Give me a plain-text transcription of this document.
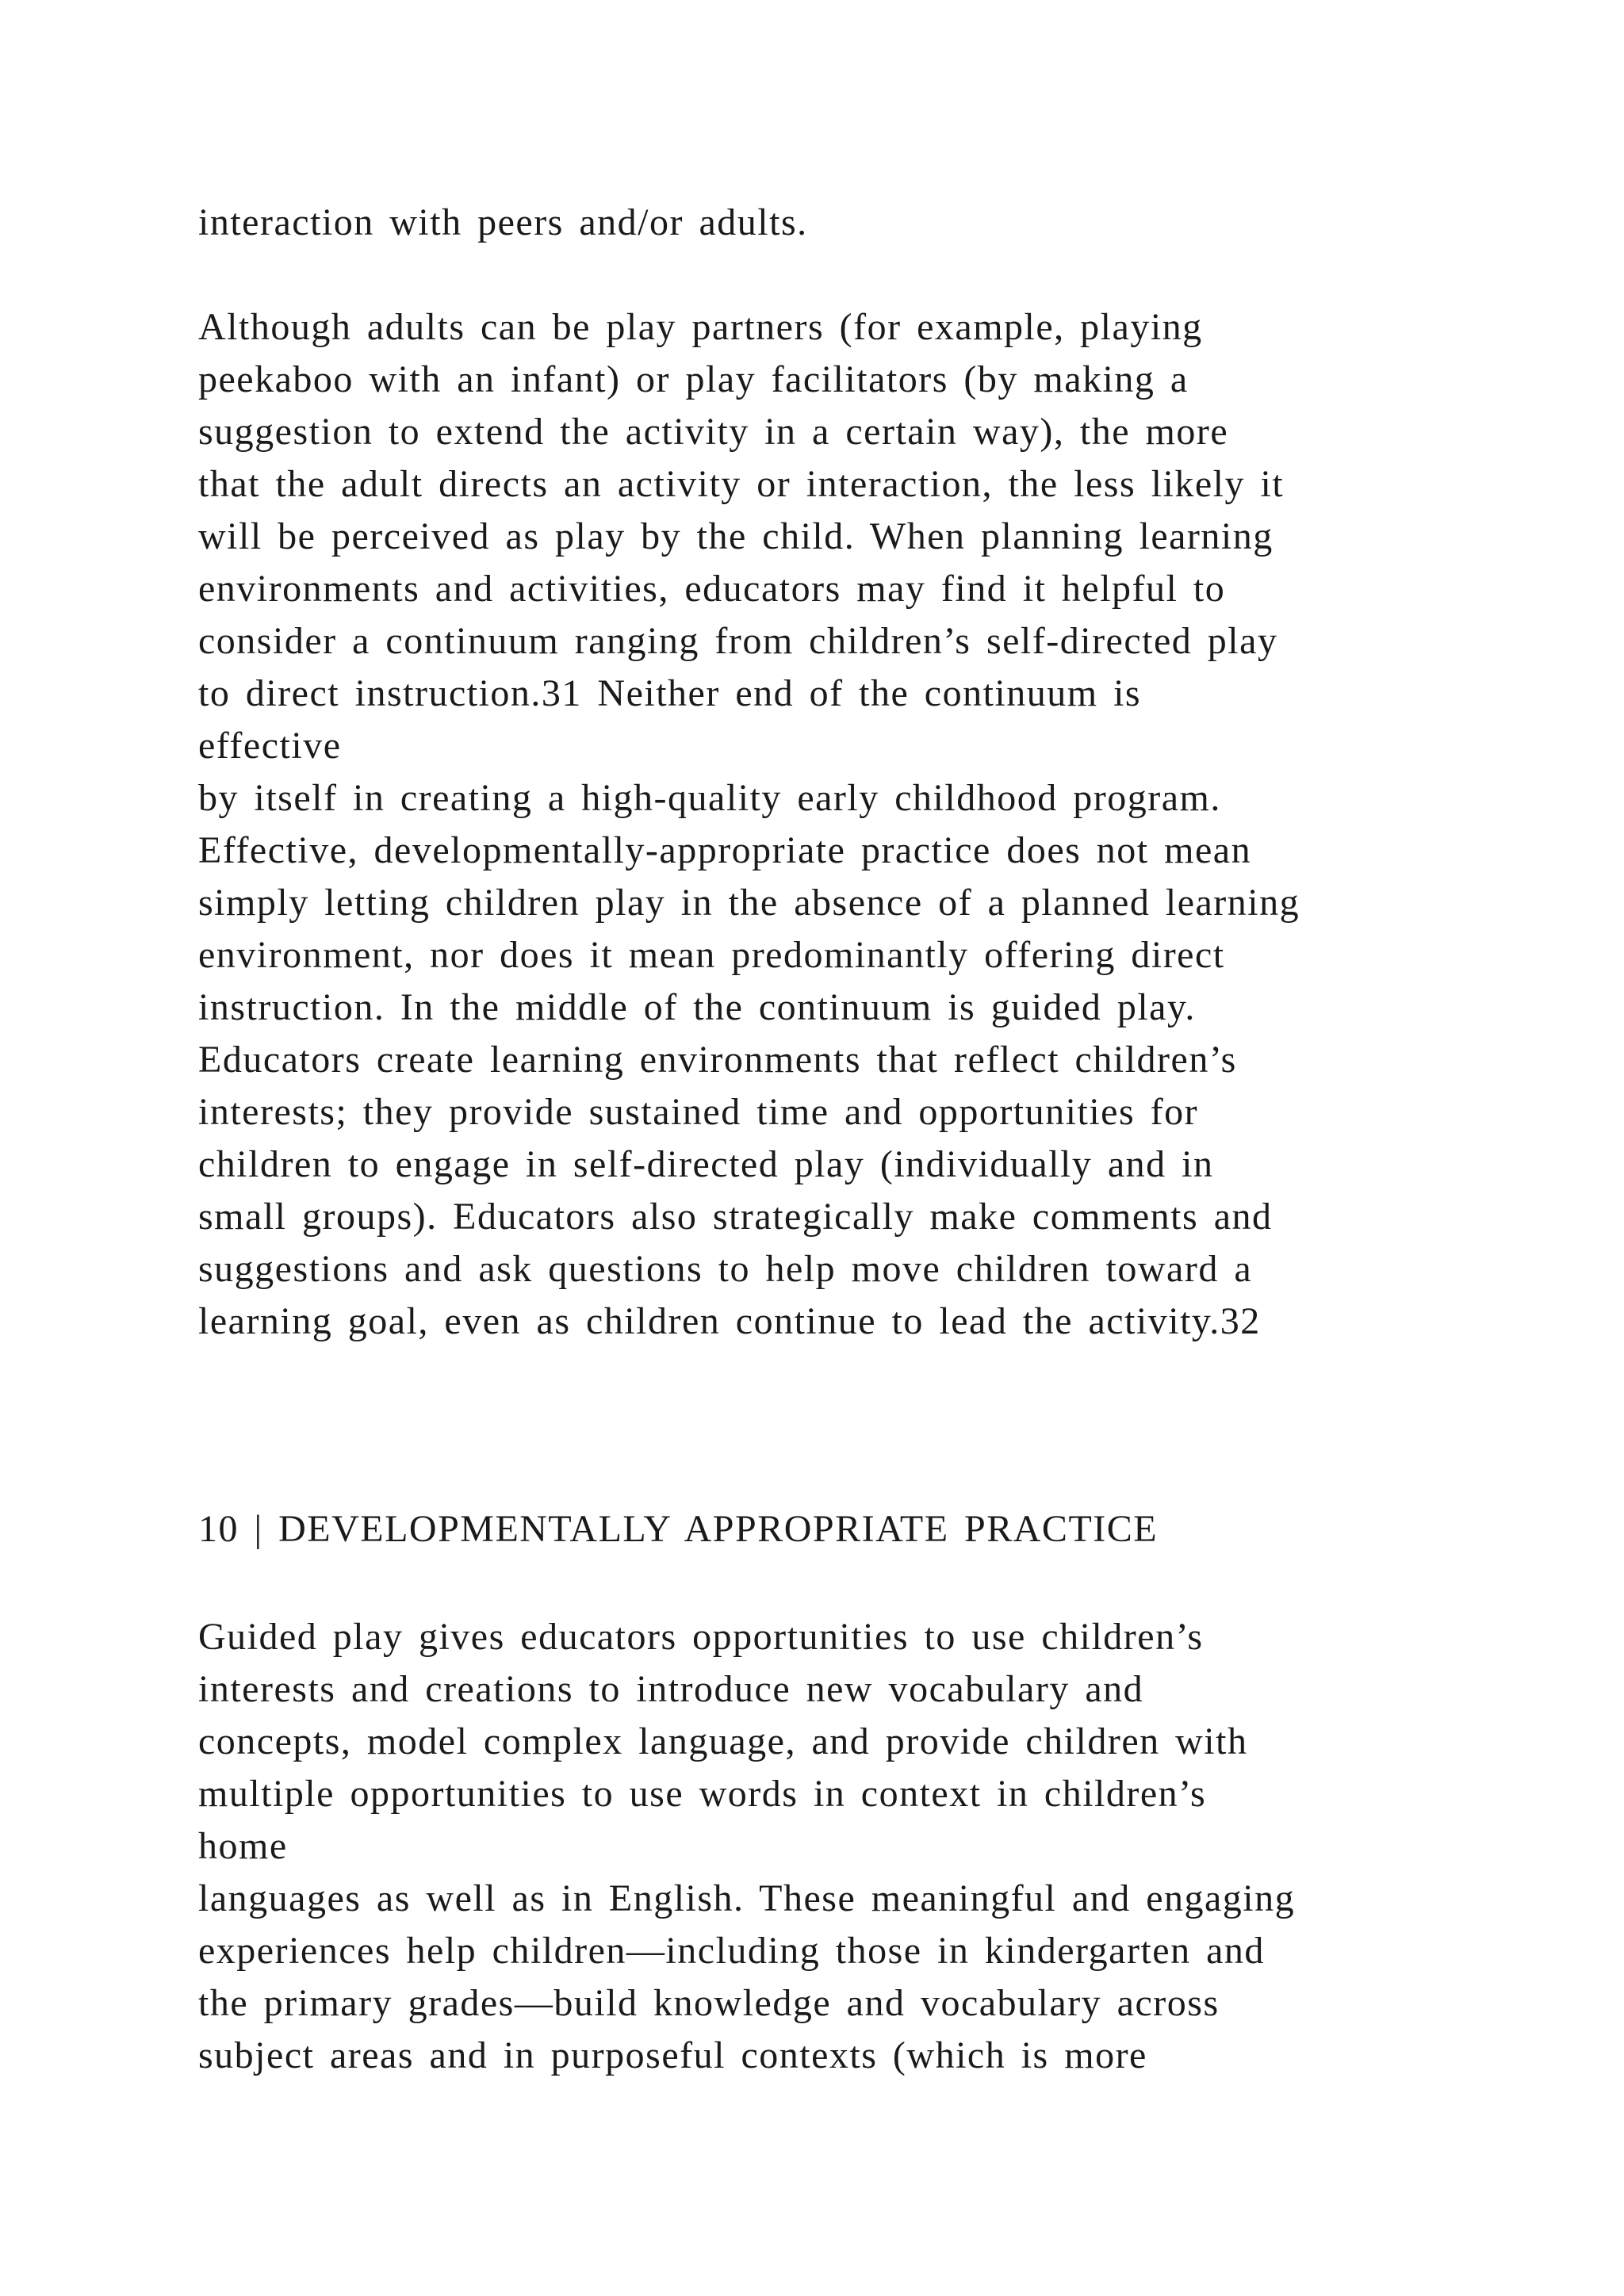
interaction with peers and/or adults.
Although adults can be play partners (for example, playing
peekaboo with an infant) or play facilitators (by making a
suggestion to extend the activity in a certain way), the more
that the adult directs an activity or interaction, the less likely it
will be perceived as play by the child. When planning learning
environments and activities, educators may find it helpful to
consider a continuum ranging from children’s self-directed play
to direct instruction.31 Neither end of the continuum is
effective
by itself in creating a high-quality early childhood program.
Effective, developmentally-appropriate practice does not mean
simply letting children play in the absence of a planned learning
environment, nor does it mean predominantly offering direct
instruction. In the middle of the continuum is guided play.
Educators create learning environments that reflect children’s
interests; they provide sustained time and opportunities for
children to engage in self-directed play (individually and in
small groups). Educators also strategically make comments and
suggestions and ask questions to help move children toward a
learning goal, even as children continue to lead the activity.32
10 | DEVELOPMENTALLY APPROPRIATE PRACTICE
Guided play gives educators opportunities to use children’s
interests and creations to introduce new vocabulary and
concepts, model complex language, and provide children with
multiple opportunities to use words in context in children’s
home
languages as well as in English. These meaningful and engaging
experiences help children—including those in kindergarten and
the primary grades—build knowledge and vocabulary across
subject areas and in purposeful contexts (which is more
